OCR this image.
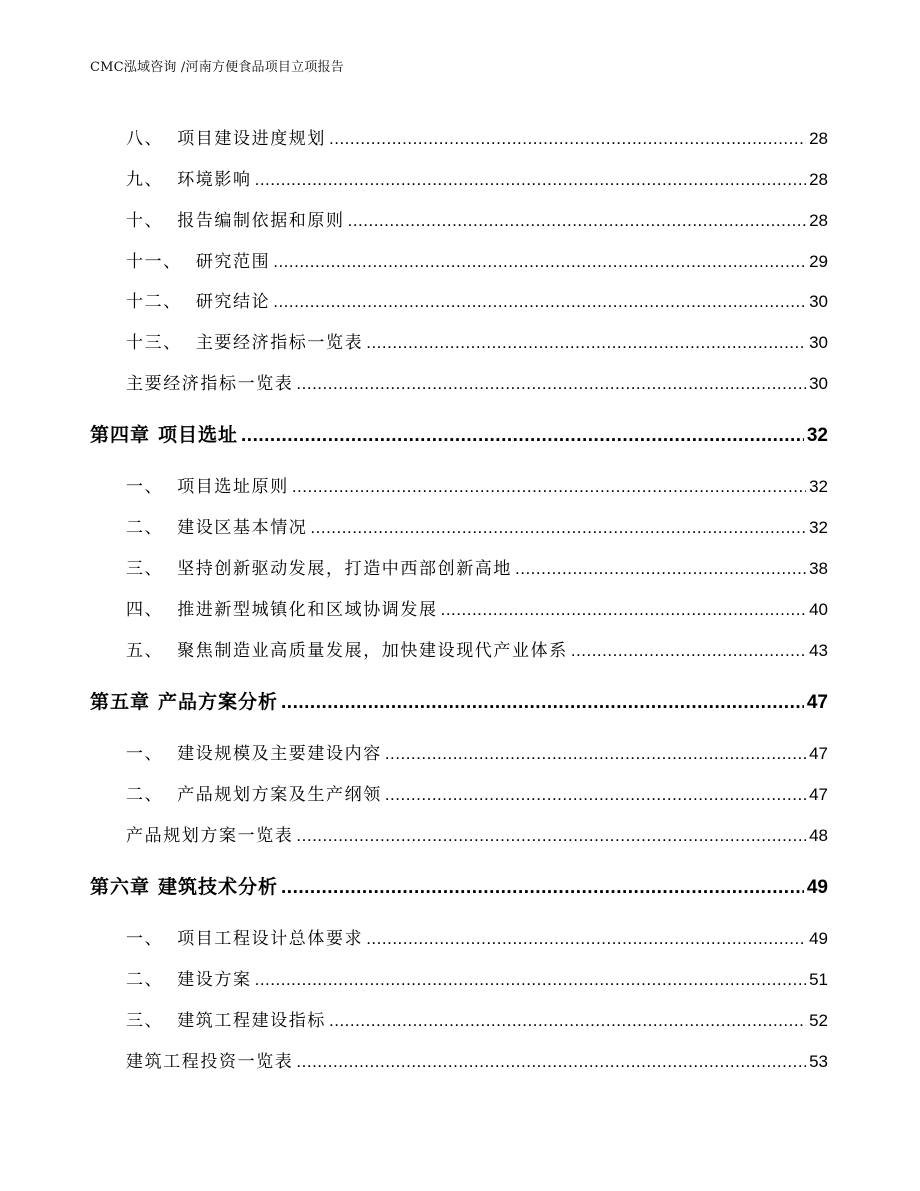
CMC泓域咨询 /河南方便食品项目立项报告
八、 项目建设进度规划 .....	28
九、 环境影响 .....	28
十、 报告编制依据和原则 .....	28
十一、 研究范围 .....	29
十二、 研究结论 .....	30
十三、 主要经济指标一览表 .....	30
主要经济指标一览表 .....	30
第四章 项目选址 .....	32
一、 项目选址原则 .....	32
二、 建设区基本情况 .....	32
三、 坚持创新驱动发展，打造中西部创新高地 .....	38
四、 推进新型城镇化和区域协调发展 .....	40
五、 聚焦制造业高质量发展，加快建设现代产业体系 .....	43
第五章 产品方案分析 .....	47
一、 建设规模及主要建设内容 .....	47
二、 产品规划方案及生产纲领 .....	47
产品规划方案一览表 .....	48
第六章 建筑技术分析 .....	49
一、 项目工程设计总体要求 .....	49
二、 建设方案 .....	51
三、 建筑工程建设指标 .....	52
建筑工程投资一览表 .....	53
